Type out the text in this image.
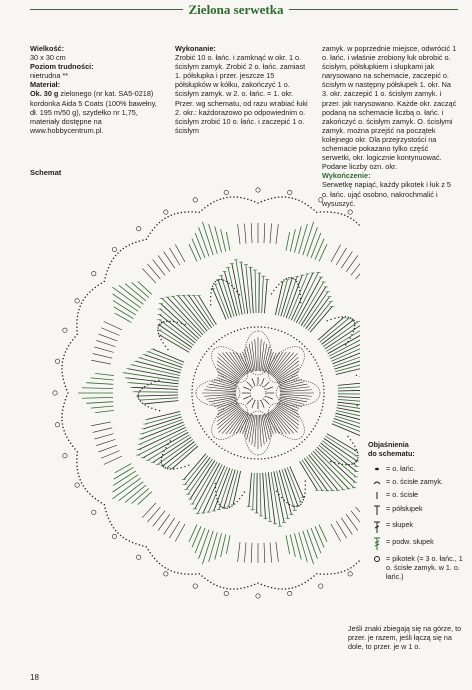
Zielona serwetka
Wielkość:
30 x 30 cm
Poziom trudności:
nietrudna **
Materiał:
Ok. 30 g zielonego (nr kat. SA5-0218) kordonka Aida 5 Coats (100% bawełny, dł. 195 m/50 g), szydełko nr 1,75, materiały dostępne na www.hobbycentrum.pl.
Wykonanie:
Zrobić 10 o. łańc. i zamknąć w okr. 1 o. ścisłym zamyk. Zrobić 2 o. łańc. zamiast 1. półsłupka i przer. jeszcze 15 półsłupków w kółku, zakończyć 1 o. ścisłym zamyk. w 2. o. łańc. = 1. okr. Przer. wg schematu, od razu wrabiać łuki 2. okr.: każdorazowo po odpowiednim o. ścisłym zrobić 10 o. łańc. i zaczepić 1 o. ścisłym
zamyk. w poprzednie miejsce, odwrócić 1 o. łańc. i właśnie zrobiony łuk obrobić o. ścisłym, półsłupkiem i słupkami jak narysowano na schemacie, zaczepić o. ścisłym w następny półsłupek 1. okr. Na 3. okr. zaczepić 1 o. ścisłym zamyk. i przer. jak narysowano. Każde okr. zacząć podaną na schemacie liczbą o. łańc. i zakończyć o. ścisłym zamyk. O. ścisłymi zamyk. można przejść na początek kolejnego okr. Dla przejrzystości na schemacie pokazano tylko część serwetki, okr. logicznie kontynuować. Podane liczby ozn. okr.
Wykończenie:
Serwetkę napiąć, każdy pikotek i łuk z 5 o. łańc. ująć osobno, nakrochmalić i wysuszyć.
Schemat
Objaśnienia
do schematu:
= o. łańc.
= o. ścisłe zamyk.
= o. ścisłe
= półsłupek
= słupek
= podw. słupek
= pikotek (= 3 o. łańc., 1 o. ścisłe zamyk. w 1. o. łańc.)
Jeśli znaki zbiegają się na górze, to przer. je razem, jeśli łączą się na dole, to przer. je w 1 o.
18
